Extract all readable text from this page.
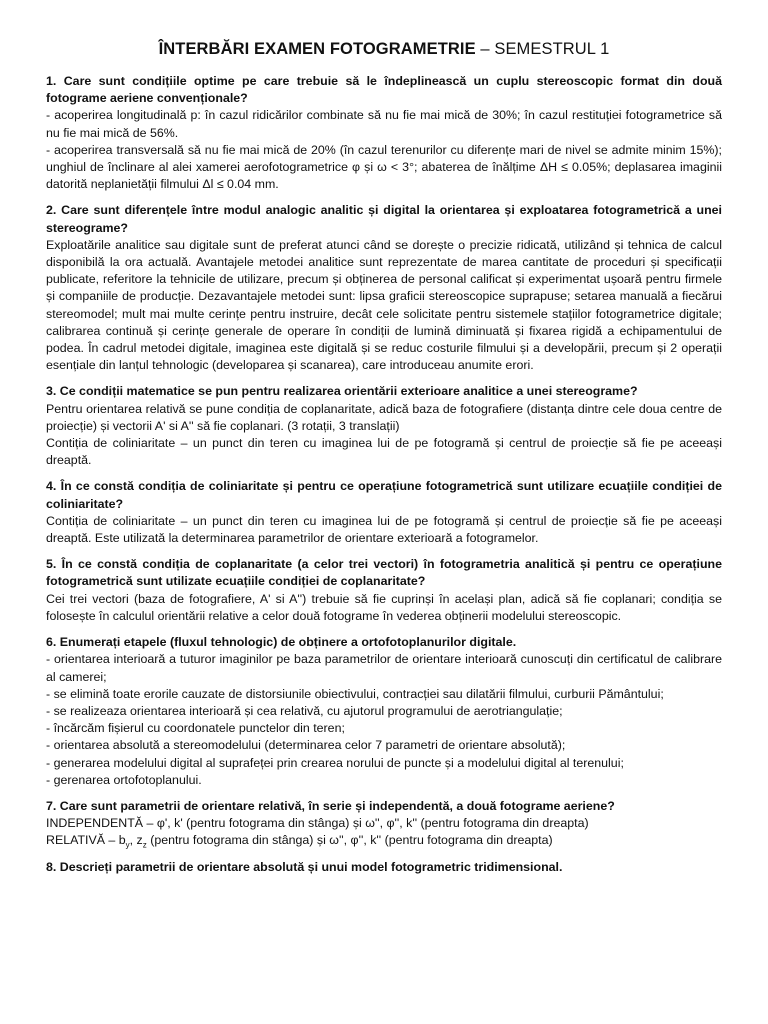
ÎNTERBĂRI EXAMEN FOTOGRAMETRIE – SEMESTRUL 1

1. Care sunt condițiile optime pe care trebuie să le îndeplinească un cuplu stereoscopic format din două fotograme aeriene convenționale?

- acoperirea longitudinală p: în cazul ridicărilor combinate să nu fie mai mică de 30%; în cazul restituției fotogrametrice să nu fie mai mică de 56%.

- acoperirea transversală să nu fie mai mică de 20% (în cazul terenurilor cu diferențe mari de nivel se admite minim 15%); unghiul de înclinare al alei xamerei aerofotogrametrice φ și ω < 3°; abaterea de înălțime ΔH ≤ 0.05%; deplasarea imaginii datorită neplanietății filmului Δl ≤ 0.04 mm.

2. Care sunt diferențele între modul analogic analitic și digital la orientarea și exploatarea fotogrametrică a unei stereograme?

Exploatările analitice sau digitale sunt de preferat atunci când se dorește o precizie ridicată, utilizând și tehnica de calcul disponibilă la ora actuală. Avantajele metodei analitice sunt reprezentate de marea cantitate de proceduri și specificații publicate, referitore la tehnicile de utilizare, precum și obținerea de personal calificat și experimentat ușoară pentru firmele și companiile de producție. Dezavantajele metodei sunt: lipsa graficii stereoscopice suprapuse; setarea manuală a fiecărui stereomodel; mult mai multe cerințe pentru instruire, decât cele solicitate pentru sistemele stațiilor fotogrametrice digitale; calibrarea continuă și cerințe generale de operare în condiții de lumină diminuată și fixarea rigidă a echipamentului de podea. În cadrul metodei digitale, imaginea este digitală și se reduc costurile filmului și a developării, precum și 2 operații esențiale din lanțul tehnologic (developarea și scanarea), care introduceau anumite erori.

3. Ce condiții matematice se pun pentru realizarea orientării exterioare analitice a unei stereograme?

Pentru orientarea relativă se pune condiția de coplanaritate, adică baza de fotografiere (distanța dintre cele doua centre de proiecție) și vectorii A' si A'' să fie coplanari. (3 rotații, 3 translații)

Contiția de coliniaritate – un punct din teren cu imaginea lui de pe fotogramă și centrul de proiecție să fie pe aceeași dreaptă.

4. În ce constă condiția de coliniaritate și pentru ce operațiune fotogrametrică sunt utilizare ecuațiile condiției de coliniaritate?

Contiția de coliniaritate – un punct din teren cu imaginea lui de pe fotogramă și centrul de proiecție să fie pe aceeași dreaptă. Este utilizată la determinarea parametrilor de orientare exterioară a fotogramelor.

5. În ce constă condiția de coplanaritate (a celor trei vectori) în fotogrametria analitică și pentru ce operațiune fotogrametrică sunt utilizate ecuațiile condiției de coplanaritate?

Cei trei vectori (baza de fotografiere, A' si A'') trebuie să fie cuprinși în același plan, adică să fie coplanari; condiția se folosește în calculul orientării relative a celor două fotograme în vederea obținerii modelului stereoscopic.

6. Enumerați etapele (fluxul tehnologic) de obținere a ortofotoplanurilor digitale.

- orientarea interioară a tuturor imaginilor pe baza parametrilor de orientare interioară cunoscuți din certificatul de calibrare al camerei;

- se elimină toate erorile cauzate de distorsiunile obiectivului, contracției sau dilatării filmului, curburii Pământului;

- se realizeaza orientarea interioară și cea relativă, cu ajutorul programului de aerotriangulație;

- încărcăm fișierul cu coordonatele punctelor din teren;

- orientarea absolută a stereomodelului (determinarea celor 7 parametri de orientare absolută);

- generarea modelului digital al suprafeței prin crearea norului de puncte și a modelului digital al terenului;

- gerenarea ortofotoplanului.

7. Care sunt parametrii de orientare relativă, în serie și independentă, a două fotograme aeriene?

INDEPENDENTĂ – φ', k' (pentru fotograma din stânga) și ω'', φ'', k'' (pentru fotograma din dreapta)

RELATIVĂ – $b_y$, $z_z$ (pentru fotograma din stânga) și ω'', φ'', k'' (pentru fotograma din dreapta)

8. Descrieți parametrii de orientare absolută și unui model fotogrametric tridimensional.
